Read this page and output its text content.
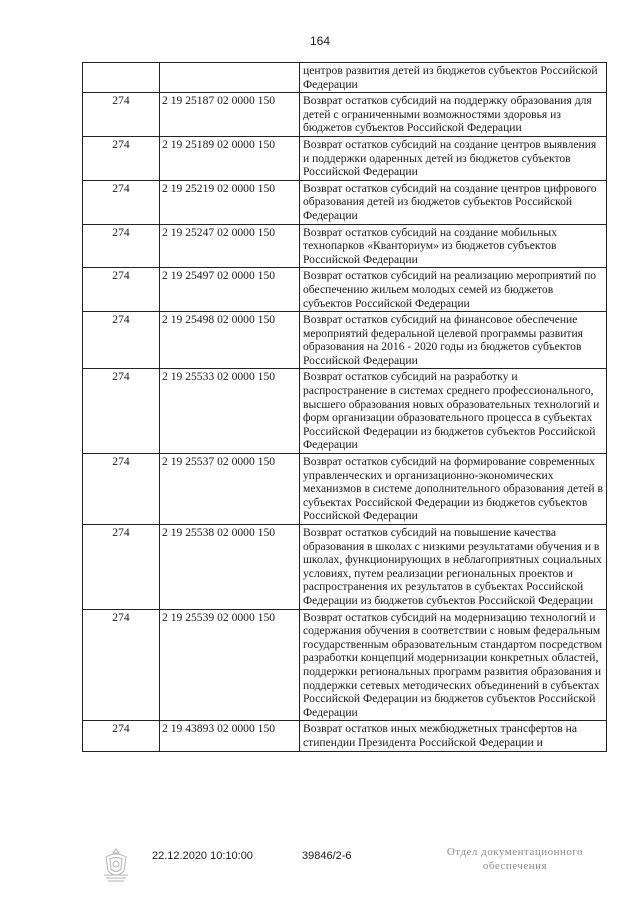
164
		центров развития детей из бюджетов субъектов Российской Федерации
274	2 19 25187 02 0000 150	Возврат остатков субсидий на поддержку образования для детей с ограниченными возможностями здоровья из бюджетов субъектов Российской Федерации
274	2 19 25189 02 0000 150	Возврат остатков субсидий на создание центров выявления и поддержки одаренных детей из бюджетов субъектов Российской Федерации
274	2 19 25219 02 0000 150	Возврат остатков субсидий на создание центров цифрового образования детей из бюджетов субъектов Российской Федерации
274	2 19 25247 02 0000 150	Возврат остатков субсидий на создание мобильных технопарков «Кванториум» из бюджетов субъектов Российской Федерации
274	2 19 25497 02 0000 150	Возврат остатков субсидий на реализацию мероприятий по обеспечению жильем молодых семей из бюджетов субъектов Российской Федерации
274	2 19 25498 02 0000 150	Возврат остатков субсидий на финансовое обеспечение мероприятий федеральной целевой программы развития образования на 2016 - 2020 годы из бюджетов субъектов Российской Федерации
274	2 19 25533 02 0000 150	Возврат остатков субсидий на разработку и распространение в системах среднего профессионального, высшего образования новых образовательных технологий и форм организации образовательного процесса в субъектах Российской Федерации из бюджетов субъектов Российской Федерации
274	2 19 25537 02 0000 150	Возврат остатков субсидий на формирование современных управленческих и организационно-экономических механизмов в системе дополнительного образования детей в субъектах Российской Федерации из бюджетов субъектов Российской Федерации
274	2 19 25538 02 0000 150	Возврат остатков субсидий на повышение качества образования в школах с низкими результатами обучения и в школах, функционирующих в неблагоприятных социальных условиях, путем реализации региональных проектов и распространения их результатов в субъектах Российской Федерации из бюджетов субъектов Российской Федерации
274	2 19 25539 02 0000 150	Возврат остатков субсидий на модернизацию технологий и содержания обучения в соответствии с новым федеральным государственным образовательным стандартом посредством разработки концепций модернизации конкретных областей, поддержки региональных программ развития образования и поддержки сетевых методических объединений в субъектах Российской Федерации из бюджетов субъектов Российской Федерации
274	2 19 43893 02 0000 150	Возврат остатков иных межбюджетных трансфертов на стипендии Президента Российской Федерации и
22.12.2020 10:10:00	39846/2-6	Отдел документационного
обеспечения
